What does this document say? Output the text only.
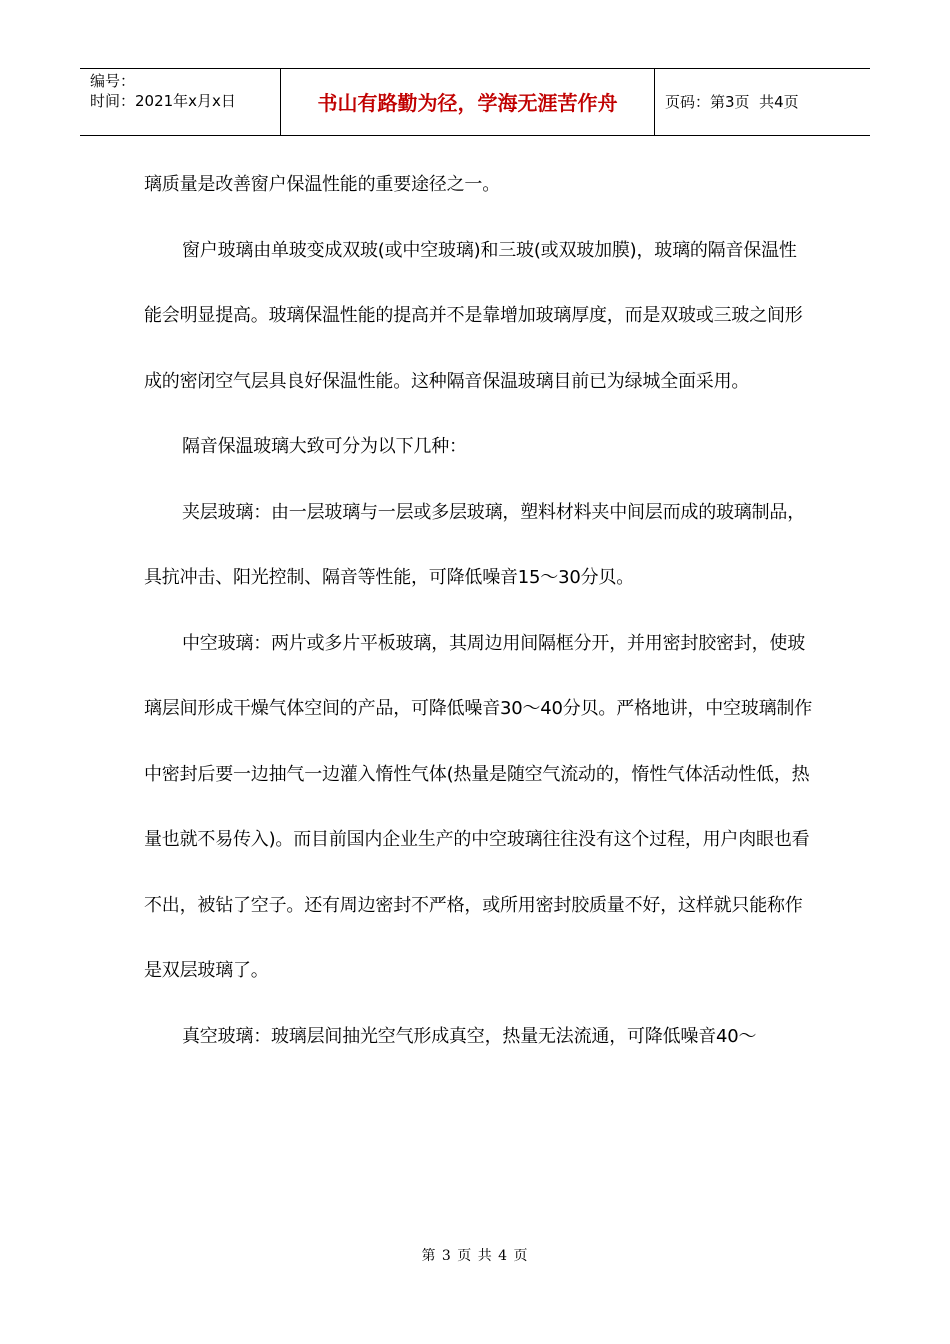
编号：
时间：2021年x月x日	书山有路勤为径，学海无涯苦作舟	页码：第3页  共4页

璃质量是改善窗户保温性能的重要途径之一。

窗户玻璃由单玻变成双玻(或中空玻璃)和三玻(或双玻加膜)，玻璃的隔音保温性能会明显提高。玻璃保温性能的提高并不是靠增加玻璃厚度，而是双玻或三玻之间形成的密闭空气层具良好保温性能。这种隔音保温玻璃目前已为绿城全面采用。

隔音保温玻璃大致可分为以下几种：

夹层玻璃：由一层玻璃与一层或多层玻璃，塑料材料夹中间层而成的玻璃制品，具抗冲击、阳光控制、隔音等性能，可降低噪音15～30分贝。

中空玻璃：两片或多片平板玻璃，其周边用间隔框分开，并用密封胶密封，使玻璃层间形成干燥气体空间的产品，可降低噪音30～40分贝。严格地讲，中空玻璃制作中密封后要一边抽气一边灌入惰性气体(热量是随空气流动的，惰性气体活动性低，热量也就不易传入)。而目前国内企业生产的中空玻璃往往没有这个过程，用户肉眼也看不出，被钻了空子。还有周边密封不严格，或所用密封胶质量不好，这样就只能称作是双层玻璃了。

真空玻璃：玻璃层间抽光空气形成真空，热量无法流通，可降低噪音40～

第 3 页 共 4 页
